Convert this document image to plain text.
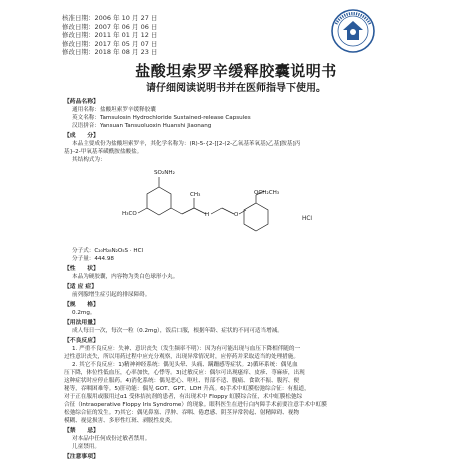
核准日期：2006 年 10 月 27 日
修改日期：2007 年 06 月 06 日
修改日期：2011 年 01 月 12 日
修改日期：2017 年 05 月 07 日
修改日期：2018 年 08 月 23 日
盐酸坦索罗辛缓释胶囊说明书
请仔细阅读说明书并在医师指导下使用。
【药品名称】
通用名称：盐酸坦索罗辛缓释胶囊
英文名称：Tamsulosin Hydrochloride Sustained-release Capsules
汉语拼音：Yansuan Tansuoluoxin Huanshi Jiaonang
【成　　分】
本品主要成份为盐酸坦索罗辛，其化学名称为：(R)-5-{2-[[2-(2-乙氧基苯氧基)乙基]胺基]丙
基}-2-甲氧基苯磺酰胺盐酸盐。
其结构式为：
SO₂NH₂
H₃CO
CH₃
H	O
OCH₂CH₃
HCl
分子式：C₂₀H₂₈N₂O₅S · HCl
分子量：444.98
【性　　状】
本品为硬胶囊，内容物为类白色球形小丸。
【适 应 症】
前列腺增生症引起的排尿障碍。
【规　　格】
0.2mg。
【用法用量】
成人每日一次，每次一粒（0.2mg），饭后口服，根据年龄、症状的不同可适当增减。
【不良反应】
1. 严重不良反应：失神、意识丧失（发生频率不明）：因为有可能出现与血压下降相伴随的一
过性意识丧失，所以用药过程中应充分观察，出现异常情况时，应停药并采取适当的处理措施。
2. 其它不良反应：1)精神神经系统：偶见头晕、头痛、蹒跚感等症状。2)循环系统：偶见血
压下降，体位性低血压，心率加快，心悸等。3)过敏反应：偶尔可出现瘙痒、皮疹、荨麻疹，出现
这种症状时应停止服药。4)消化系统：偶见恶心、呕吐、胃部不适、腹痛、食欲不振、腹泻、便
秘等，吞咽困难等。5)肝功能：偶见 GOT、GPT、LDH 升高。6)手术中虹膜松弛综合征：有报道，
对于正在服用或服用过α1 受体拮抗剂的患者，有出现术中 Floppy 虹膜综合征，术中虹膜松弛综
合征（Intraoperative Floppy Iris Syndrome）的现象。眼科医生在进行白内障手术前要注意手术中虹膜
松弛综合征的发生。7)其它：偶见鼻塞、浮肿、吞咽、倦怠感、阴茎异常勃起、射精障碍、视物
模糊、视觉损害、多形性红斑、剥脱性皮炎。
【禁　　忌】
对本品中任何成份过敏者禁用。
儿童禁用。
【注意事项】
